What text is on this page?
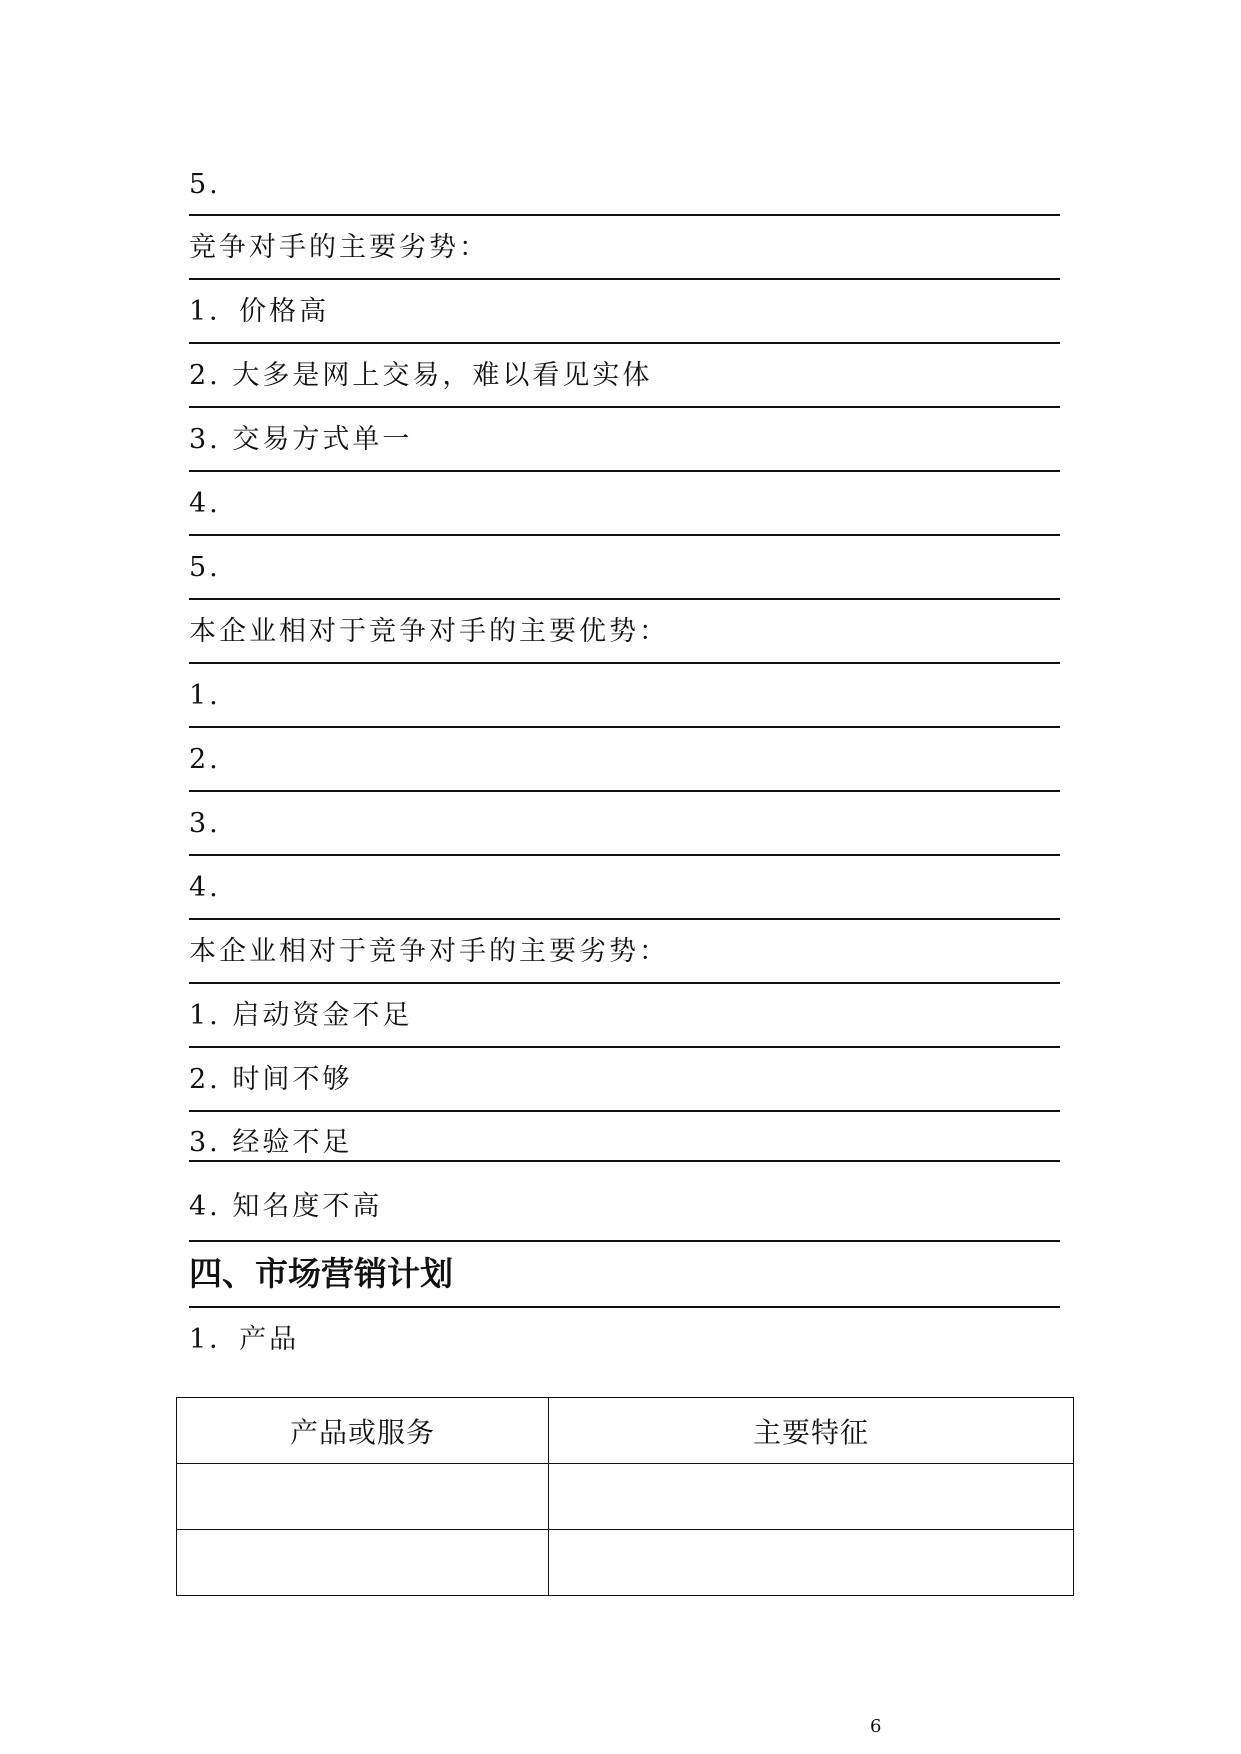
5.
竞争对手的主要劣势：
1．价格高
2. 大多是网上交易，难以看见实体
3. 交易方式单一
4.
5.
本企业相对于竞争对手的主要优势：
1.
2.
3.
4.
本企业相对于竞争对手的主要劣势：
1. 启动资金不足
2. 时间不够
3. 经验不足
4. 知名度不高
四、市场营销计划
1．产品
产品或服务	主要特征

6
